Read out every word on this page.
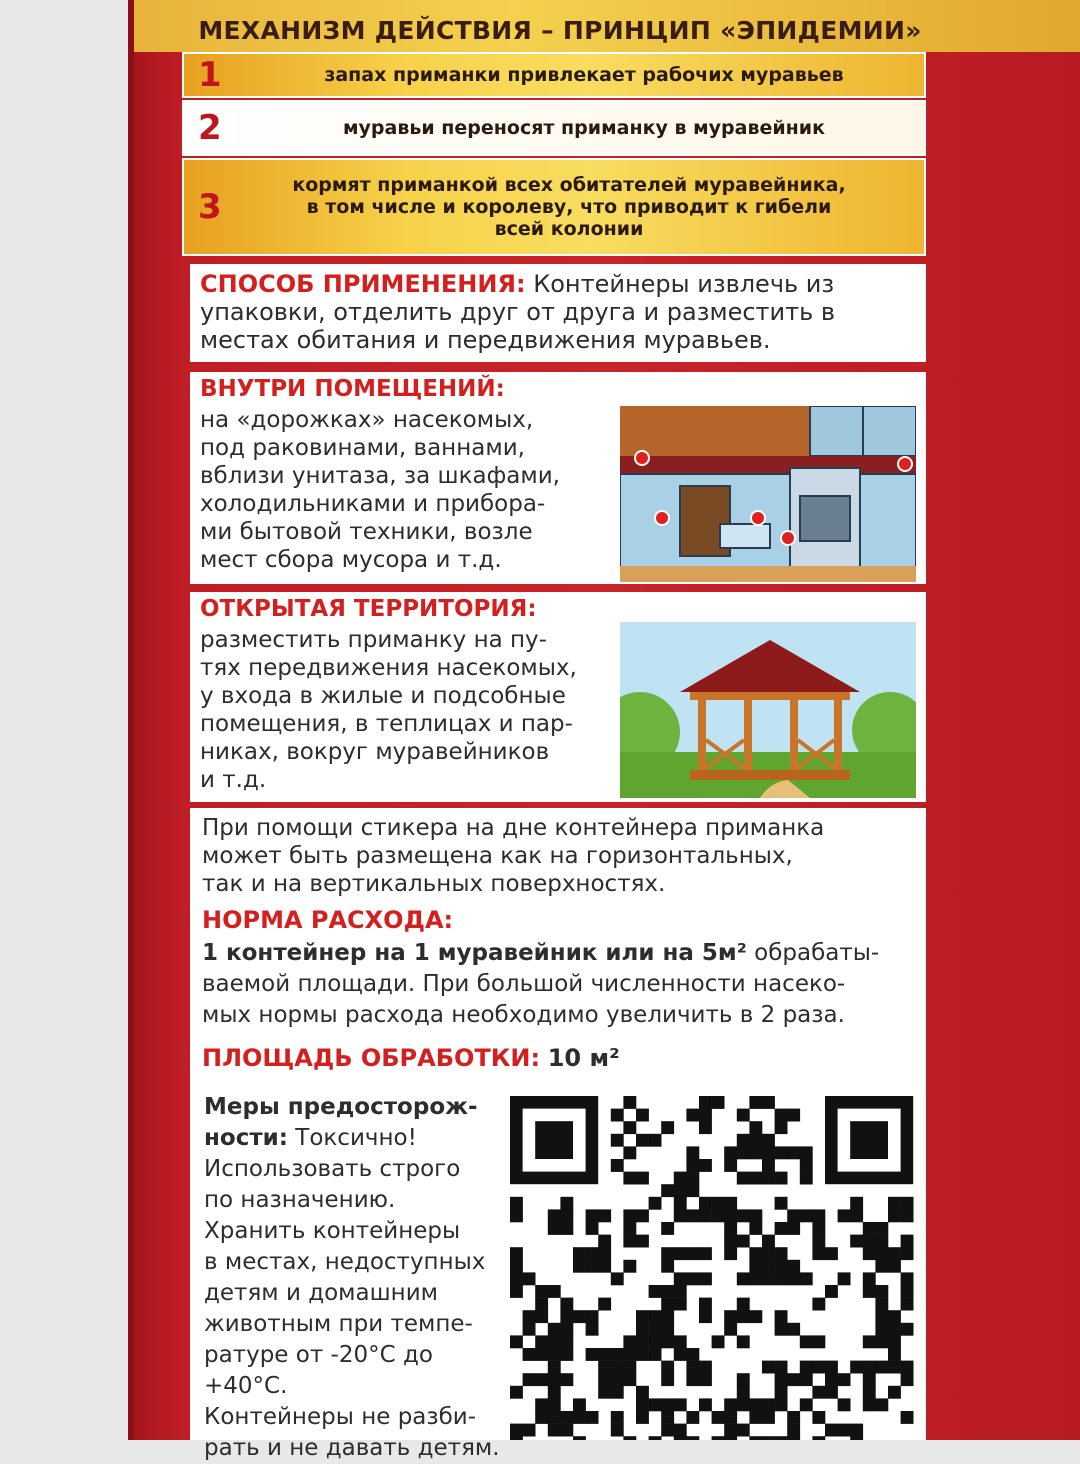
МЕХАНИЗМ ДЕЙСТВИЯ – ПРИНЦИП «ЭПИДЕМИИ»
1	запах приманки привлекает рабочих муравьев
2	муравьи переносят приманку в муравейник
3
кормят приманкой всех обитателей муравейника, в том числе и королеву, что приводит к гибели всей колонии
СПОСОБ ПРИМЕНЕНИЯ: Контейнеры извлечь из упаковки, отделить друг от друга и разместить в местах обитания и передвижения муравьев.
ВНУТРИ ПОМЕЩЕНИЙ:
на «дорожках» насекомых,
под раковинами, ваннами,
вблизи унитаза, за шкафами,
холодильниками и прибора-
ми бытовой техники, возле
мест сбора мусора и т.д.
ОТКРЫТАЯ ТЕРРИТОРИЯ:
разместить приманку на пу-
тях передвижения насекомых,
у входа в жилые и подсобные
помещения, в теплицах и пар-
никах, вокруг муравейников
и т.д.
При помощи стикера на дне контейнера приманка
может быть размещена как на горизонтальных,
так и на вертикальных поверхностях.
НОРМА РАСХОДА:
1 контейнер на 1 муравейник или на 5м² обрабаты-
ваемой площади. При большой численности насеко-
мых нормы расхода необходимо увеличить в 2 раза.
ПЛОЩАДЬ ОБРАБОТКИ: 10 м²
Меры предосторож-
ности: Токсично!
Использовать строго
по назначению.
Хранить контейнеры
в местах, недоступных
детям и домашним
животным при темпе-
ратуре от -20°С до +40°С.
Контейнеры не разби-
рать и не давать детям.
